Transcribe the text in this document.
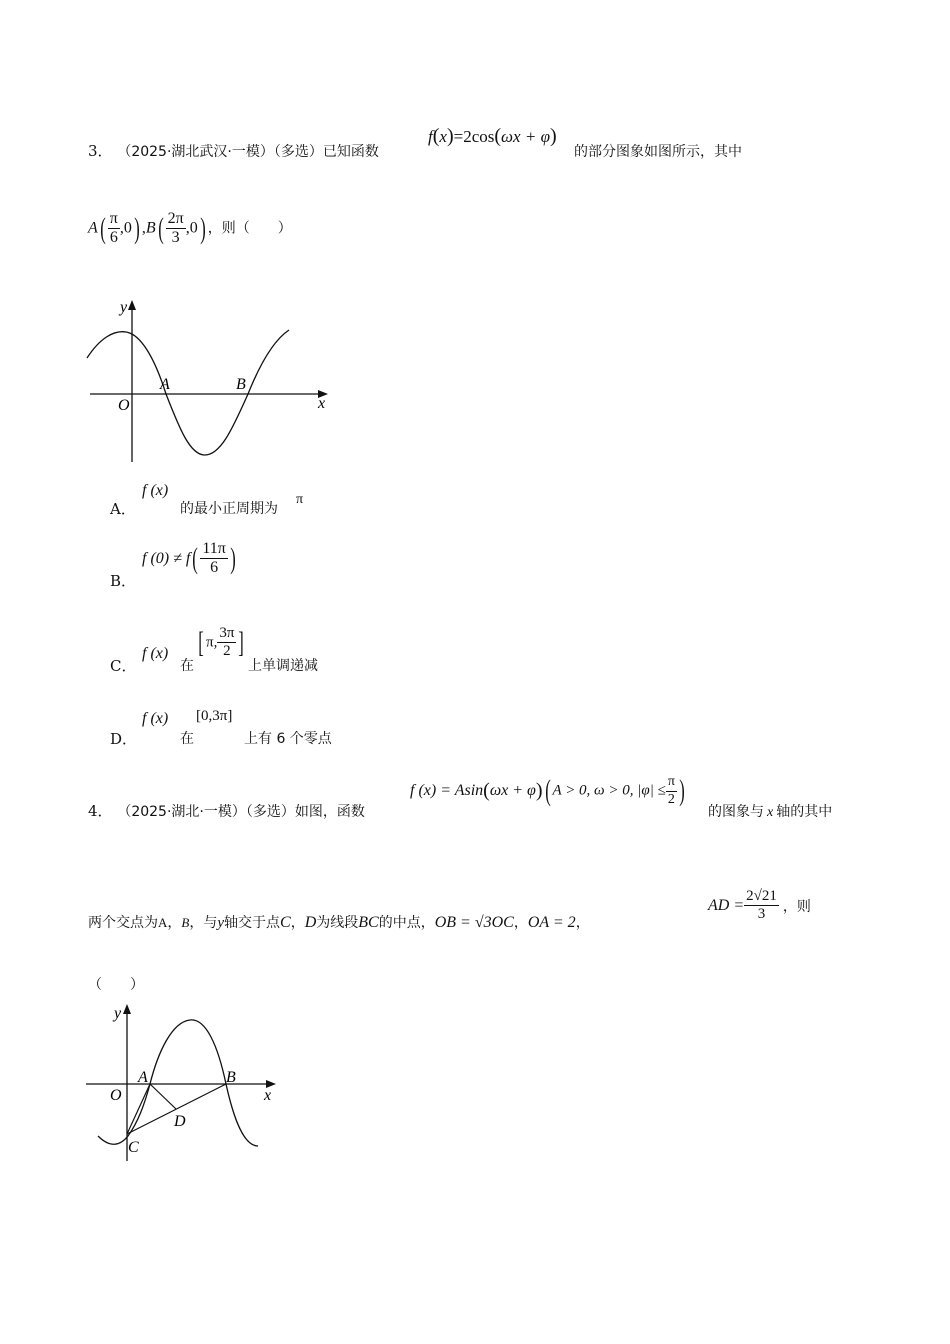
3． （2025·湖北武汉·一模）（多选）已知函数
f(x)=2cos(ωx + φ)
的部分图象如图所示，其中
$A( \frac{\pi}{6} ,0)$ $,B( \frac{2\pi}{3} ,0)$ ，则（　　）
y
x
O
A	B
A．
f (x)
的最小正周期为
π
B．
f $(0) \ne f( \frac{11\pi}{6}$ )
C．
f (x)
在
[ π, $\frac{3\pi}{2}$ ]
上单调递减
D．
f (x)
在
[0,3π]
上有 6 个零点
4． （2025·湖北·一模）（多选）如图，函数
f (x) = Asin(ωx + φ)( A > 0, ω > 0, $|\varphi| \le \frac{\pi}{2}$ )
的图象与 x 轴的其中
两个交点为A，B，与y轴交于点C，D为线段BC的中点，OB = √3OC，OA = 2，
AD = $\frac{2√21}{3}$ ，则
（　　）
y
x
O
A	B
C
D
